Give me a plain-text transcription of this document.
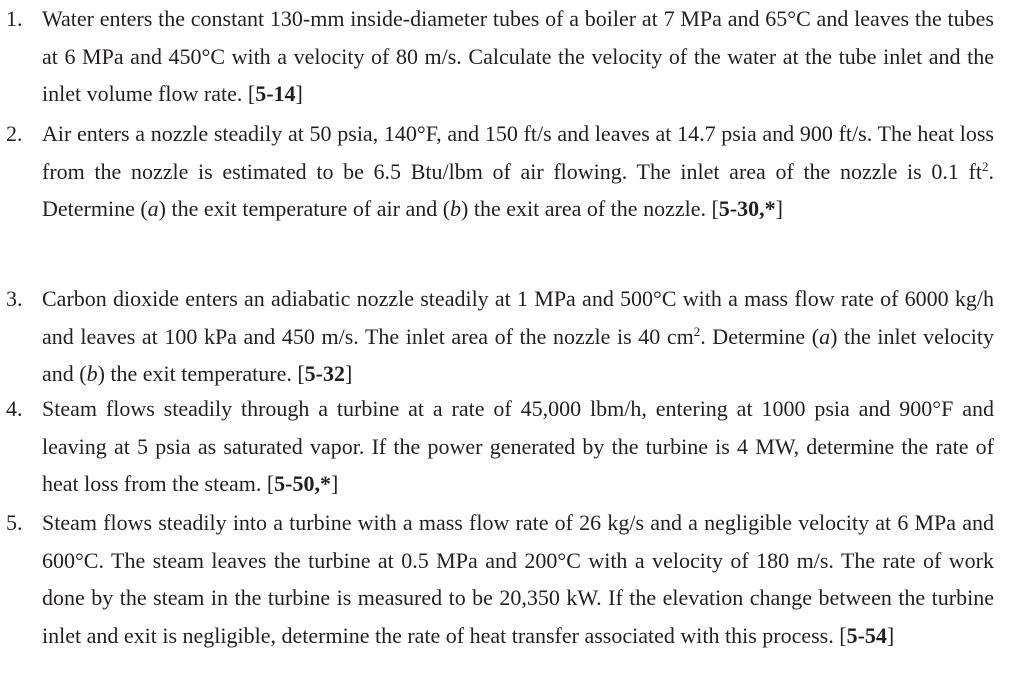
1. Water enters the constant 130-mm inside-diameter tubes of a boiler at 7 MPa and 65°C and leaves the tubes at 6 MPa and 450°C with a velocity of 80 m/s. Calculate the velocity of the water at the tube inlet and the inlet volume flow rate. [5-14]

2. Air enters a nozzle steadily at 50 psia, 140°F, and 150 ft/s and leaves at 14.7 psia and 900 ft/s. The heat loss from the nozzle is estimated to be 6.5 Btu/lbm of air flowing. The inlet area of the nozzle is 0.1 $ft^2$. Determine (a) the exit temperature of air and (b) the exit area of the nozzle. [5-30,*]

3. Carbon dioxide enters an adiabatic nozzle steadily at 1 MPa and 500°C with a mass flow rate of 6000 kg/h and leaves at 100 kPa and 450 m/s. The inlet area of the nozzle is 40 $cm^2$. Determine (a) the inlet velocity and (b) the exit temperature. [5-32]

4. Steam flows steadily through a turbine at a rate of 45,000 lbm/h, entering at 1000 psia and 900°F and leaving at 5 psia as saturated vapor. If the power generated by the turbine is 4 MW, determine the rate of heat loss from the steam. [5-50,*]

5. Steam flows steadily into a turbine with a mass flow rate of 26 kg/s and a negligible velocity at 6 MPa and 600°C. The steam leaves the turbine at 0.5 MPa and 200°C with a velocity of 180 m/s. The rate of work done by the steam in the turbine is measured to be 20,350 kW. If the elevation change between the turbine inlet and exit is negligible, determine the rate of heat transfer associated with this process. [5-54]
